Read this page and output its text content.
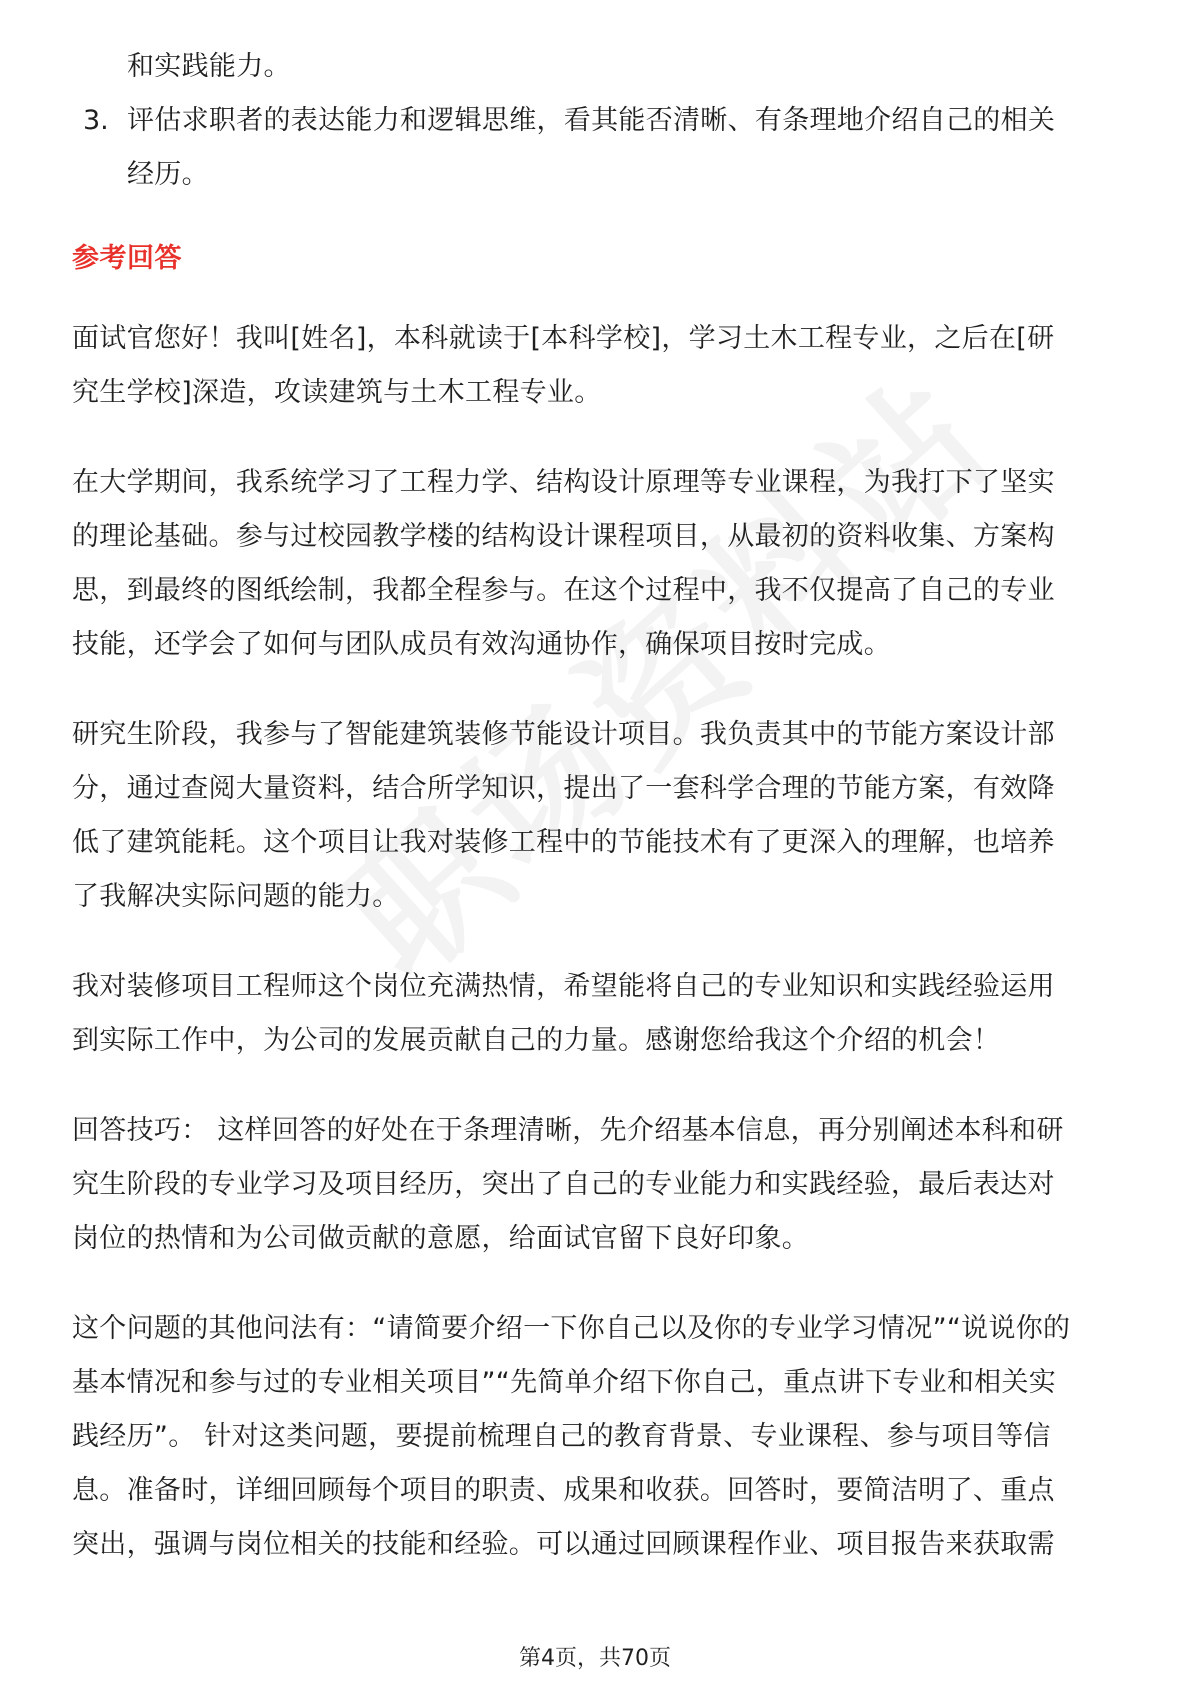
和实践能力。
3. 评估求职者的表达能力和逻辑思维，看其能否清晰、有条理地介绍自己的相关
经历。
参考回答
面试官您好！我叫[姓名]，本科就读于[本科学校]，学习土木工程专业，之后在[研
究生学校]深造，攻读建筑与土木工程专业。
在大学期间，我系统学习了工程力学、结构设计原理等专业课程，为我打下了坚实
的理论基础。参与过校园教学楼的结构设计课程项目，从最初的资料收集、方案构
思，到最终的图纸绘制，我都全程参与。在这个过程中，我不仅提高了自己的专业
技能，还学会了如何与团队成员有效沟通协作，确保项目按时完成。
研究生阶段，我参与了智能建筑装修节能设计项目。我负责其中的节能方案设计部
分，通过查阅大量资料，结合所学知识，提出了一套科学合理的节能方案，有效降
低了建筑能耗。这个项目让我对装修工程中的节能技术有了更深入的理解，也培养
了我解决实际问题的能力。
我对装修项目工程师这个岗位充满热情，希望能将自己的专业知识和实践经验运用
到实际工作中，为公司的发展贡献自己的力量。感谢您给我这个介绍的机会！
回答技巧： 这样回答的好处在于条理清晰，先介绍基本信息，再分别阐述本科和研
究生阶段的专业学习及项目经历，突出了自己的专业能力和实践经验，最后表达对
岗位的热情和为公司做贡献的意愿，给面试官留下良好印象。
这个问题的其他问法有：“请简要介绍一下你自己以及你的专业学习情况”“说说你的
基本情况和参与过的专业相关项目”“先简单介绍下你自己，重点讲下专业和相关实
践经历”。 针对这类问题，要提前梳理自己的教育背景、专业课程、参与项目等信
息。准备时，详细回顾每个项目的职责、成果和收获。回答时，要简洁明了、重点
突出，强调与岗位相关的技能和经验。可以通过回顾课程作业、项目报告来获取需
第4页，共70页
